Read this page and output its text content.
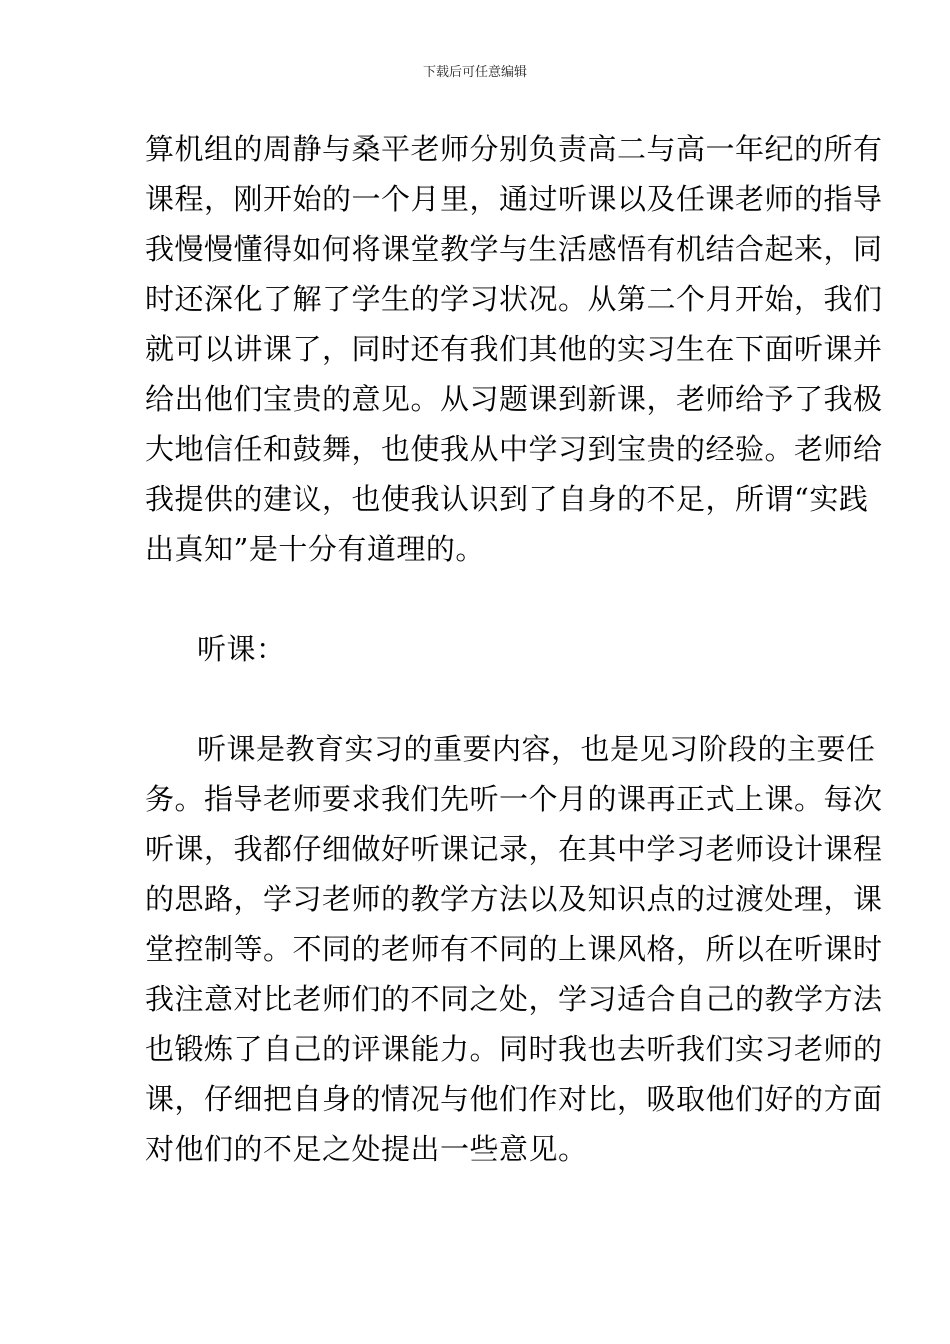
下载后可任意编辑
算机组的周静与桑平老师分别负责高二与高一年纪的所有
课程，刚开始的一个月里，通过听课以及任课老师的指导
我慢慢懂得如何将课堂教学与生活感悟有机结合起来，同
时还深化了解了学生的学习状况。从第二个月开始，我们
就可以讲课了，同时还有我们其他的实习生在下面听课并
给出他们宝贵的意见。从习题课到新课，老师给予了我极
大地信任和鼓舞，也使我从中学习到宝贵的经验。老师给
我提供的建议，也使我认识到了自身的不足，所谓“实践
出真知”是十分有道理的。
听课：
听课是教育实习的重要内容，也是见习阶段的主要任
务。指导老师要求我们先听一个月的课再正式上课。每次
听课，我都仔细做好听课记录，在其中学习老师设计课程
的思路，学习老师的教学方法以及知识点的过渡处理，课
堂控制等。不同的老师有不同的上课风格，所以在听课时
我注意对比老师们的不同之处，学习适合自己的教学方法
也锻炼了自己的评课能力。同时我也去听我们实习老师的
课，仔细把自身的情况与他们作对比，吸取他们好的方面
对他们的不足之处提出一些意见。
